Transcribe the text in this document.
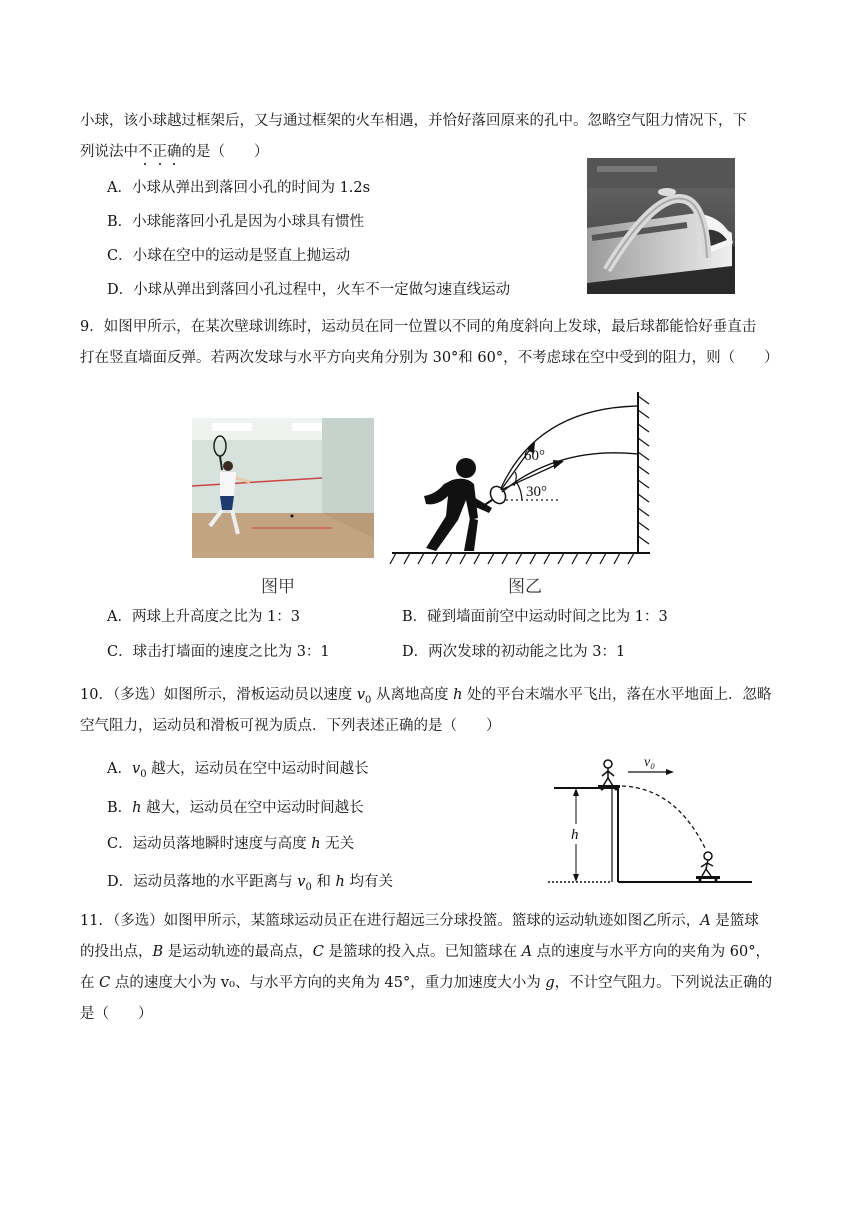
小球，该小球越过框架后，又与通过框架的火车相遇，并恰好落回原来的孔中。忽略空气阻力情况下，下
列说法中不正确的是（　　）
A．小球从弹出到落回小孔的时间为 1.2s
B．小球能落回小孔是因为小球具有惯性
C．小球在空中的运动是竖直上抛运动
D．小球从弹出到落回小孔过程中，火车不一定做匀速直线运动
9．如图甲所示，在某次壁球训练时，运动员在同一位置以不同的角度斜向上发球，最后球都能恰好垂直击
打在竖直墙面反弹。若两次发球与水平方向夹角分别为 30°和 60°，不考虑球在空中受到的阻力，则（　　）
图甲
60°
30°
图乙
A．两球上升高度之比为 1：3	B．碰到墙面前空中运动时间之比为 1：3
C．球击打墙面的速度之比为 3：1	D．两次发球的初动能之比为 3：1
10．（多选）如图所示，滑板运动员以速度 $v_0$ 从离地高度 h 处的平台末端水平飞出，落在水平地面上．忽略
空气阻力，运动员和滑板可视为质点．下列表述正确的是（　　）
A．$v_0$ 越大，运动员在空中运动时间越长
B．h 越大，运动员在空中运动时间越长
C．运动员落地瞬时速度与高度 h 无关
D．运动员落地的水平距离与 $v_0$ 和 h 均有关
h
v₀
11．（多选）如图甲所示，某篮球运动员正在进行超远三分球投篮。篮球的运动轨迹如图乙所示，A 是篮球
的投出点，B 是运动轨迹的最高点，C 是篮球的投入点。已知篮球在 A 点的速度与水平方向的夹角为 60°，
在 C 点的速度大小为 v₀、与水平方向的夹角为 45°，重力加速度大小为 g，不计空气阻力。下列说法正确的
是（　　）
